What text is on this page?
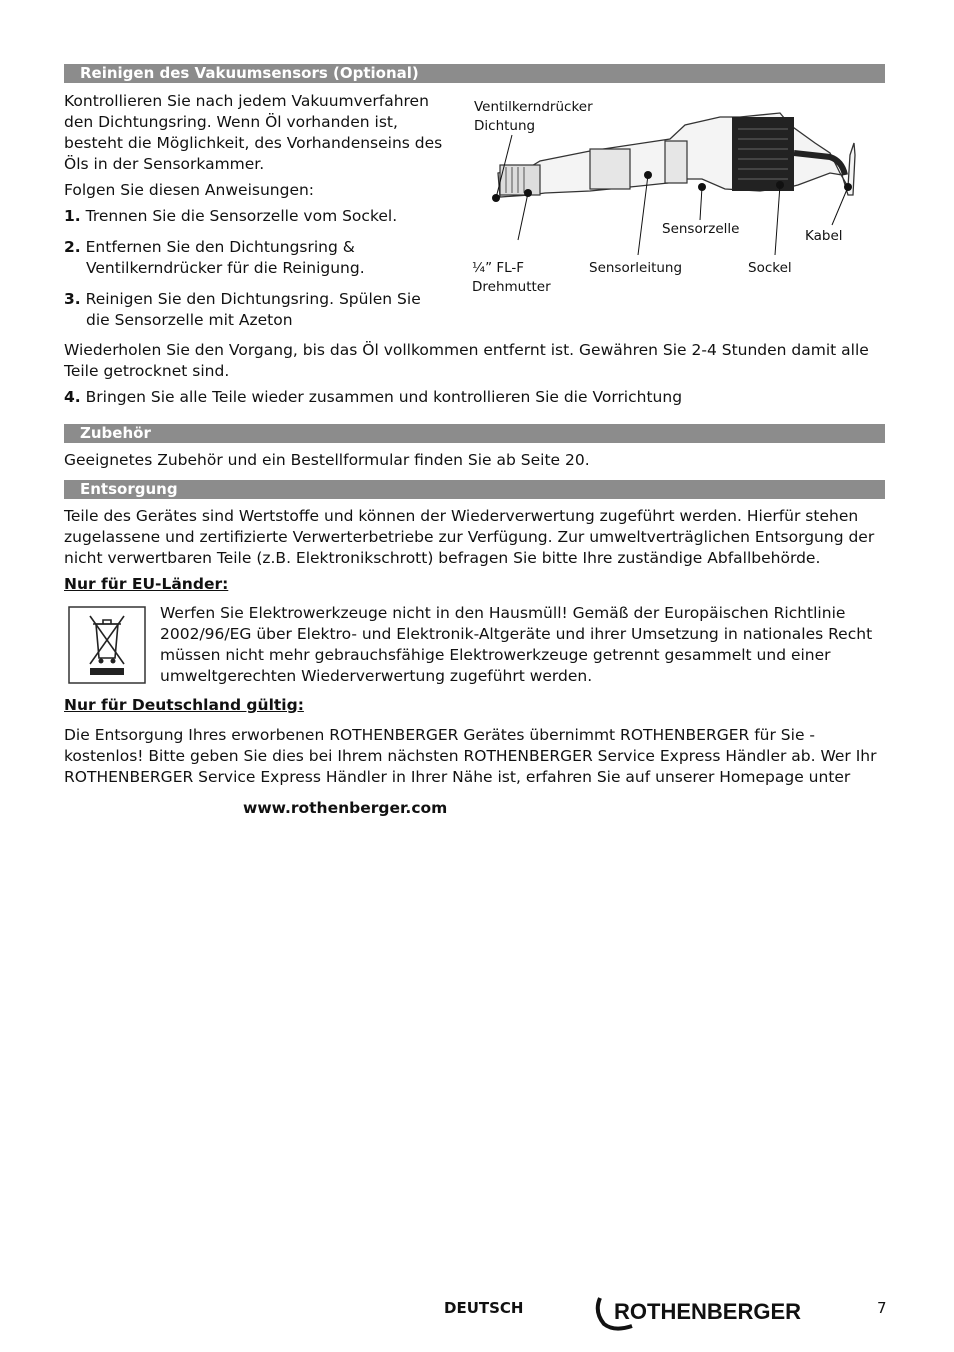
Reinigen des Vakuumsensors (Optional)
Kontrollieren Sie nach jedem Vakuumverfahren
den Dichtungsring. Wenn Öl vorhanden ist,
besteht die Möglichkeit, des Vorhandenseins des
Öls in der Sensorkammer.
Folgen Sie diesen Anweisungen:
1. Trennen Sie die Sensorzelle vom Sockel.
2. Entfernen Sie den Dichtungsring & Ventilkerndrücker für die Reinigung.
3. Reinigen Sie den Dichtungsring. Spülen Sie die Sensorzelle mit Azeton
Ventilkerndrücker
Dichtung
Sensorzelle	Kabel
¼” FL-F
Drehmutter
Sensorleitung	Sockel
Wiederholen Sie den Vorgang, bis das Öl vollkommen entfernt ist. Gewähren Sie 2-4 Stunden damit alle Teile getrocknet sind.
4. Bringen Sie alle Teile wieder zusammen und kontrollieren Sie die Vorrichtung
Zubehör
Geeignetes Zubehör und ein Bestellformular finden Sie ab Seite 20.
Entsorgung
Teile des Gerätes sind Wertstoffe und können der Wiederverwertung zugeführt werden. Hierfür stehen zugelassene und zertifizierte Verwerterbetriebe zur Verfügung. Zur umweltverträglichen Entsorgung der nicht verwertbaren Teile (z.B. Elektronikschrott) befragen Sie bitte Ihre zuständige Abfallbehörde.
Nur für EU-Länder:
Werfen Sie Elektrowerkzeuge nicht in den Hausmüll! Gemäß der Europäischen Richtlinie 2002/96/EG über Elektro- und Elektronik-Altgeräte und ihrer Umsetzung in nationales Recht müssen nicht mehr gebrauchsfähige Elektrowerkzeuge getrennt gesammelt und einer umweltgerechten Wiederverwertung zugeführt werden.
Nur für Deutschland gültig:
Die Entsorgung Ihres erworbenen ROTHENBERGER Gerätes übernimmt ROTHENBERGER für Sie - kostenlos! Bitte geben Sie dies bei Ihrem nächsten ROTHENBERGER Service Express Händler ab. Wer Ihr ROTHENBERGER Service Express Händler in Ihrer Nähe ist, erfahren Sie auf unserer Homepage unter
www.rothenberger.com
DEUTSCH	ROTHENBERGER	7
